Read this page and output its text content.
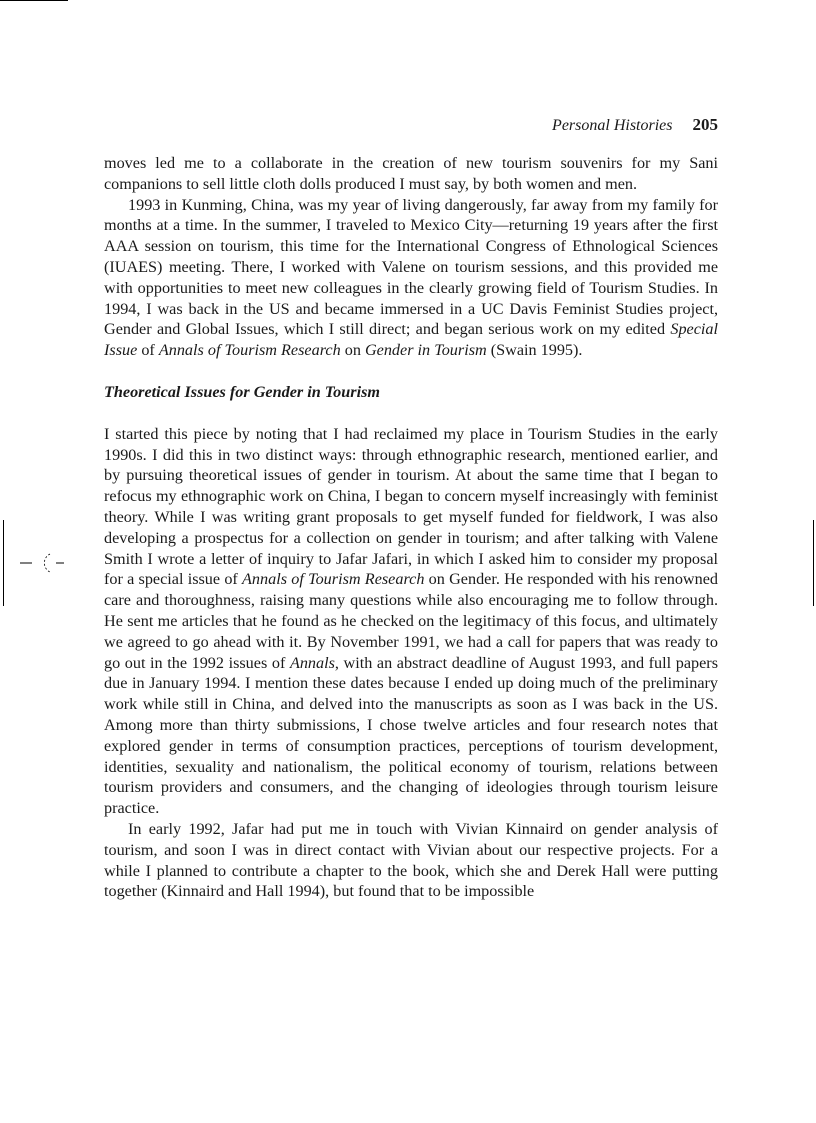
Personal Histories 205

moves led me to a collaborate in the creation of new tourism souvenirs for my Sani companions to sell little cloth dolls produced I must say, by both women and men.

1993 in Kunming, China, was my year of living dangerously, far away from my family for months at a time. In the summer, I traveled to Mexico City—returning 19 years after the first AAA session on tourism, this time for the International Congress of Ethnological Sciences (IUAES) meeting. There, I worked with Valene on tourism sessions, and this provided me with opportunities to meet new colleagues in the clearly growing field of Tourism Studies. In 1994, I was back in the US and became immersed in a UC Davis Feminist Studies project, Gender and Global Issues, which I still direct; and began serious work on my edited Special Issue of Annals of Tourism Research on Gender in Tourism (Swain 1995).

Theoretical Issues for Gender in Tourism

I started this piece by noting that I had reclaimed my place in Tourism Studies in the early 1990s. I did this in two distinct ways: through ethnographic research, mentioned earlier, and by pursuing theoretical issues of gender in tourism. At about the same time that I began to refocus my ethnographic work on China, I began to concern myself increasingly with feminist theory. While I was writing grant proposals to get myself funded for fieldwork, I was also developing a prospectus for a collection on gender in tourism; and after talking with Valene Smith I wrote a letter of inquiry to Jafar Jafari, in which I asked him to consider my proposal for a special issue of Annals of Tourism Research on Gender. He responded with his renowned care and thoroughness, raising many questions while also encouraging me to follow through. He sent me articles that he found as he checked on the legitimacy of this focus, and ultimately we agreed to go ahead with it. By November 1991, we had a call for papers that was ready to go out in the 1992 issues of Annals, with an abstract deadline of August 1993, and full papers due in January 1994. I mention these dates because I ended up doing much of the preliminary work while still in China, and delved into the manuscripts as soon as I was back in the US. Among more than thirty submissions, I chose twelve articles and four research notes that explored gender in terms of consumption practices, perceptions of tourism development, identities, sexuality and nationalism, the political economy of tourism, relations between tourism providers and consumers, and the changing of ideologies through tourism leisure practice.

In early 1992, Jafar had put me in touch with Vivian Kinnaird on gender analysis of tourism, and soon I was in direct contact with Vivian about our respective projects. For a while I planned to contribute a chapter to the book, which she and Derek Hall were putting together (Kinnaird and Hall 1994), but found that to be impossible
